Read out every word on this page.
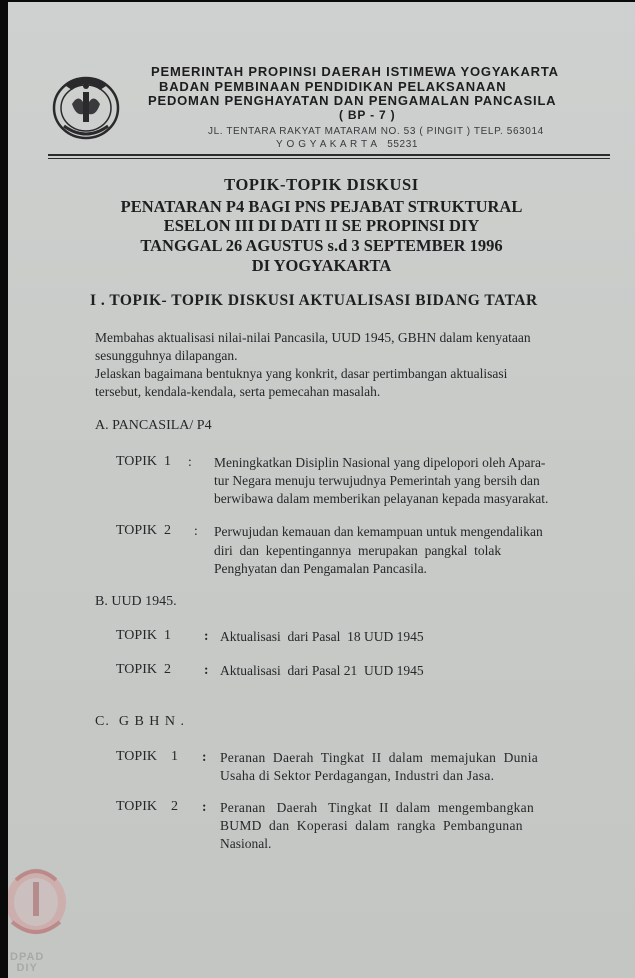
PEMERINTAH PROPINSI DAERAH ISTIMEWA YOGYAKARTA
BADAN PEMBINAAN PENDIDIKAN PELAKSANAAN
PEDOMAN PENGHAYATAN DAN PENGAMALAN PANCASILA
( BP - 7 )
JL. TENTARA RAKYAT MATARAM NO. 53 ( PINGIT ) TELP. 563014
Y O G Y A K A R T A   55231
TOPIK-TOPIK DISKUSI
PENATARAN P4 BAGI PNS PEJABAT STRUKTURAL
ESELON III DI DATI II SE PROPINSI DIY
TANGGAL 26 AGUSTUS s.d 3 SEPTEMBER 1996
DI YOGYAKARTA
I . TOPIK- TOPIK DISKUSI AKTUALISASI BIDANG TATAR
Membahas aktualisasi nilai-nilai Pancasila, UUD 1945, GBHN dalam kenyataan
sesungguhnya dilapangan.
Jelaskan bagaimana bentuknya yang konkrit, dasar pertimbangan aktualisasi
tersebut, kendala-kendala, serta pemecahan masalah.
A. PANCASILA/ P4
TOPIK  1 : Meningkatkan Disiplin Nasional yang dipelopori oleh Apara-
tur Negara menuju terwujudnya Pemerintah yang bersih dan
berwibawa dalam memberikan pelayanan kepada masyarakat.
TOPIK  2 : Perwujudan kemauan dan kemampuan untuk mengendalikan
diri  dan  kepentingannya  merupakan  pangkal  tolak
Penghyatan dan Pengamalan Pancasila.
B. UUD 1945.
TOPIK  1 : Aktualisasi  dari Pasal  18 UUD 1945
TOPIK  2 : Aktualisasi  dari Pasal 21  UUD 1945
C.  G B H N .
TOPIK    1 : Peranan  Daerah  Tingkat  II  dalam  memajukan  Dunia
Usaha di Sektor Perdagangan, Industri dan Jasa.
TOPIK    2 : Peranan   Daerah   Tingkat  II  dalam  mengembangkan
BUMD  dan  Koperasi  dalam  rangka  Pembangunan
Nasional.
DPAD
DIY
